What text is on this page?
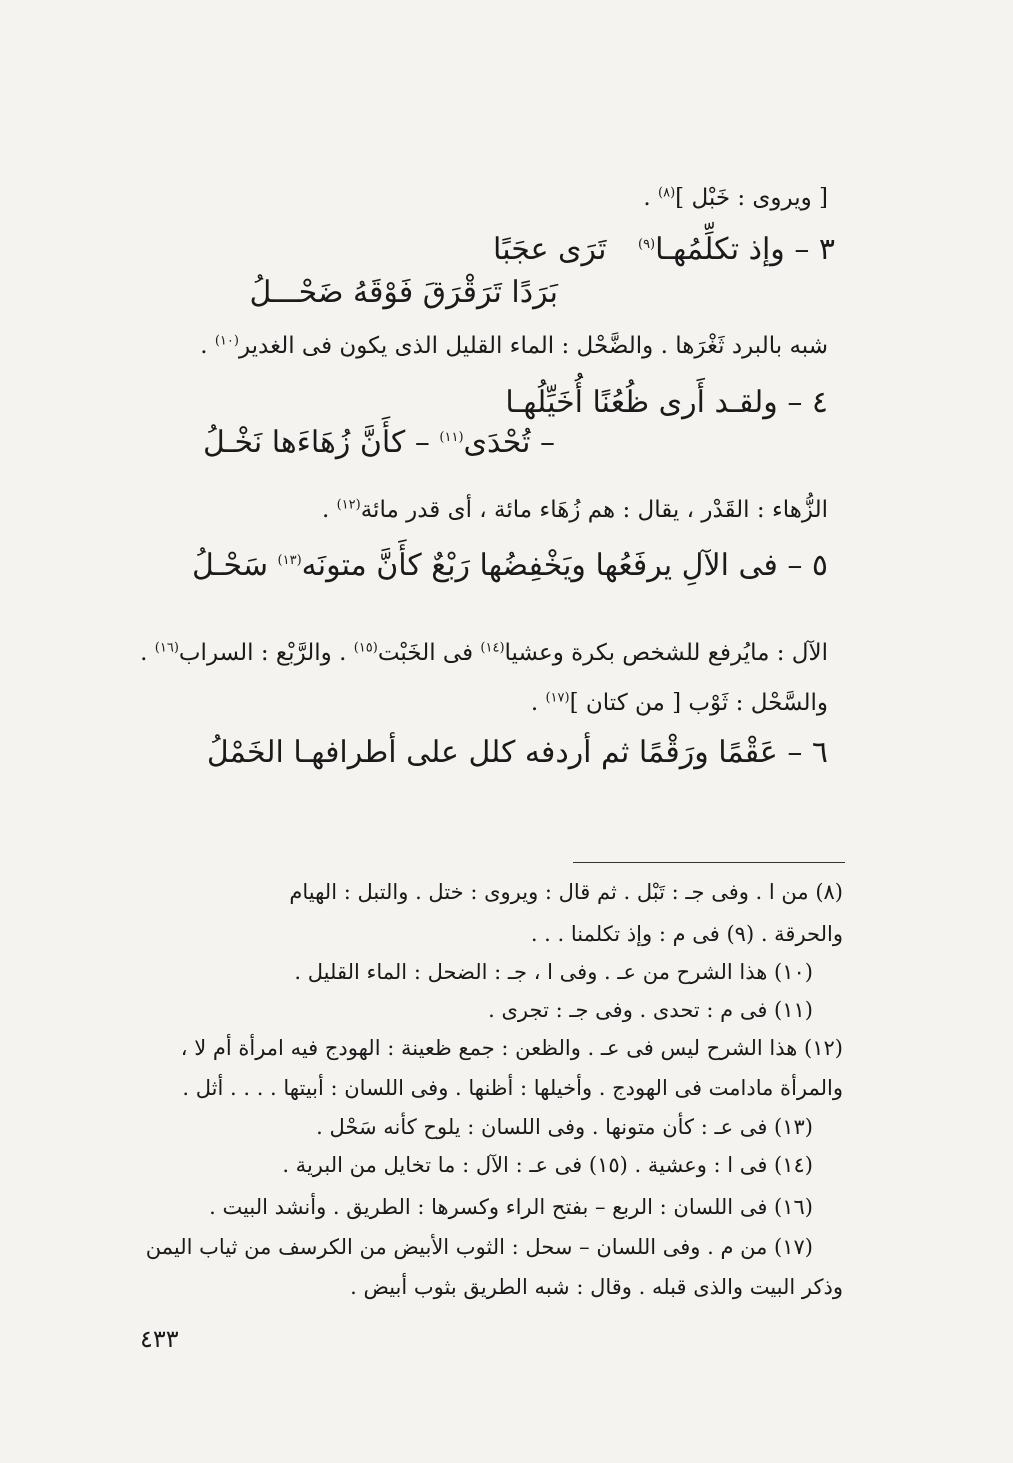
[ ويروى : خَبْل ]$^{(٨)}$ .
٣ – وإذ تكلِّمُهـا$^{(٩)}$ تَرَى عجَبًا
بَرَدًا تَرَقْرَقَ فَوْقَهُ ضَحْـــلُ
شبه بالبرد ثَغْرَها . والضَّحْل : الماء القليل الذى يكون فى الغدير$^{(١٠)}$ .
٤ – ولقـد أَرى ظُعُنًا أُخَيِّلُهـا
– تُحْدَى$^{(١١)}$ – كأَنَّ زُهَاءَها نَخْـلُ
الزُّهاء : القَدْر ، يقال : هم زُهَاء مائة ، أى قدر مائة$^{(١٢)}$ .
٥ – فى الآلِ يرفَعُها ويَخْفِضُها رَبْعٌ كأَنَّ متونَه$^{(١٣)}$ سَحْـلُ
الآل : مايُرفع للشخص بكرة وعشيا$^{(١٤)}$ فى الخَبْت$^{(١٥)}$ . والرَّبْع : السراب$^{(١٦)}$ .
والسَّحْل : ثَوْب [ من كتان ]$^{(١٧)}$ .
٦ – عَقْمًا ورَقْمًا ثم أردفه كلل على أطرافهـا الخَمْلُ
(٨) من ا . وفى جـ : تَبْل . ثم قال : ويروى : ختل . والتبل : الهيام
والحرقة . (٩) فى م : وإذ تكلمنا . . .
(١٠) هذا الشرح من عـ . وفى ا ، جـ : الضحل : الماء القليل .
(١١) فى م : تحدى . وفى جـ : تجرى .
(١٢) هذا الشرح ليس فى عـ . والظعن : جمع ظعينة : الهودج فيه امرأة أم لا ،
والمرأة مادامت فى الهودج . وأخيلها : أظنها . وفى اللسان : أبيتها . . . . أثل .
(١٣) فى عـ : كأن متونها . وفى اللسان : يلوح كأنه سَحْل .
(١٤) فى ا : وعشية . (١٥) فى عـ : الآل : ما تخايل من البرية .
(١٦) فى اللسان : الربع – بفتح الراء وكسرها : الطريق . وأنشد البيت .
(١٧) من م . وفى اللسان – سحل : الثوب الأبيض من الكرسف من ثياب اليمن
وذكر البيت والذى قبله . وقال : شبه الطريق بثوب أبيض .
٤٣٣
